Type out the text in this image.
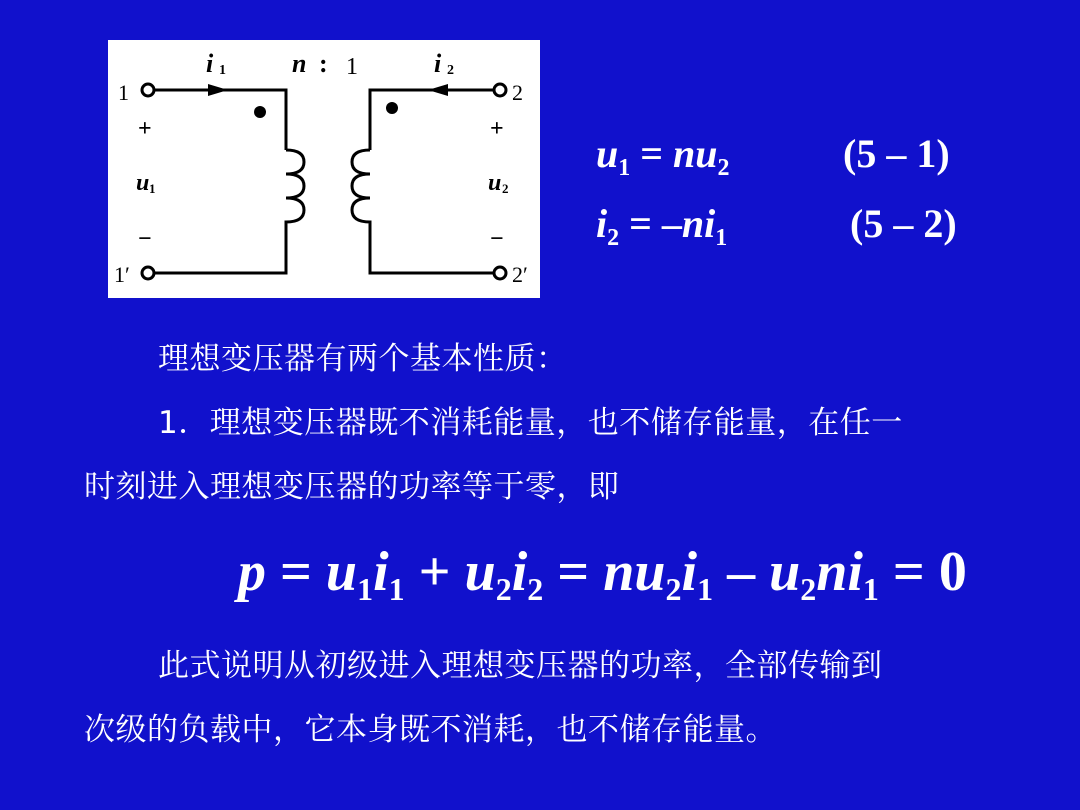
i 1	i 2
n : 1
1
1′
2
2′
+
−
+
−
u 1	u 2
$u_1 = nu_2$	(5 – 1)
$i_2 = -ni_1$	(5 – 2)
理想变压器有两个基本性质：
1．理想变压器既不消耗能量，也不储存能量，在任一
时刻进入理想变压器的功率等于零，即
$p = u_1i_1 + u_2i_2 = nu_2i_1 - u_2ni_1 = 0$
此式说明从初级进入理想变压器的功率，全部传输到
次级的负载中，它本身既不消耗，也不储存能量。
